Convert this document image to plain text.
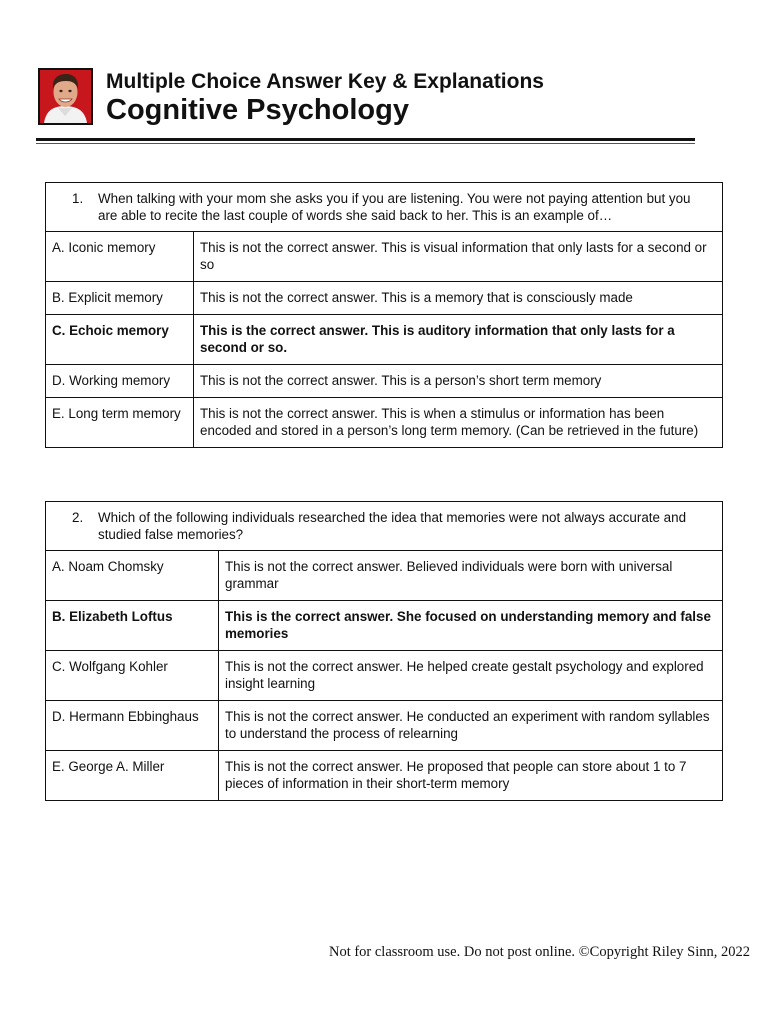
Multiple Choice Answer Key & Explanations
Cognitive Psychology
1. When talking with your mom she asks you if you are listening. You were not paying attention but you are able to recite the last couple of words she said back to her. This is an example of…	

A. Iconic memory	This is not the correct answer. This is visual information that only lasts for a second or so
B. Explicit memory	This is not the correct answer. This is a memory that is consciously made
C. Echoic memory	This is the correct answer. This is auditory information that only lasts for a second or so.
D. Working memory	This is not the correct answer. This is a person’s short term memory
E. Long term memory	This is not the correct answer. This is when a stimulus or information has been encoded and stored in a person’s long term memory. (Can be retrieved in the future)
2. Which of the following individuals researched the idea that memories were not always accurate and studied false memories?	

A. Noam Chomsky	This is not the correct answer. Believed individuals were born with universal grammar
B. Elizabeth Loftus	This is the correct answer. She focused on understanding memory and false memories
C. Wolfgang Kohler	This is not the correct answer. He helped create gestalt psychology and explored insight learning
D. Hermann Ebbinghaus	This is not the correct answer. He conducted an experiment with random syllables to understand the process of relearning
E. George A. Miller	This is not the correct answer. He proposed that people can store about 1 to 7 pieces of information in their short-term memory
Not for classroom use. Do not post online. ©Copyright Riley Sinn, 2022
